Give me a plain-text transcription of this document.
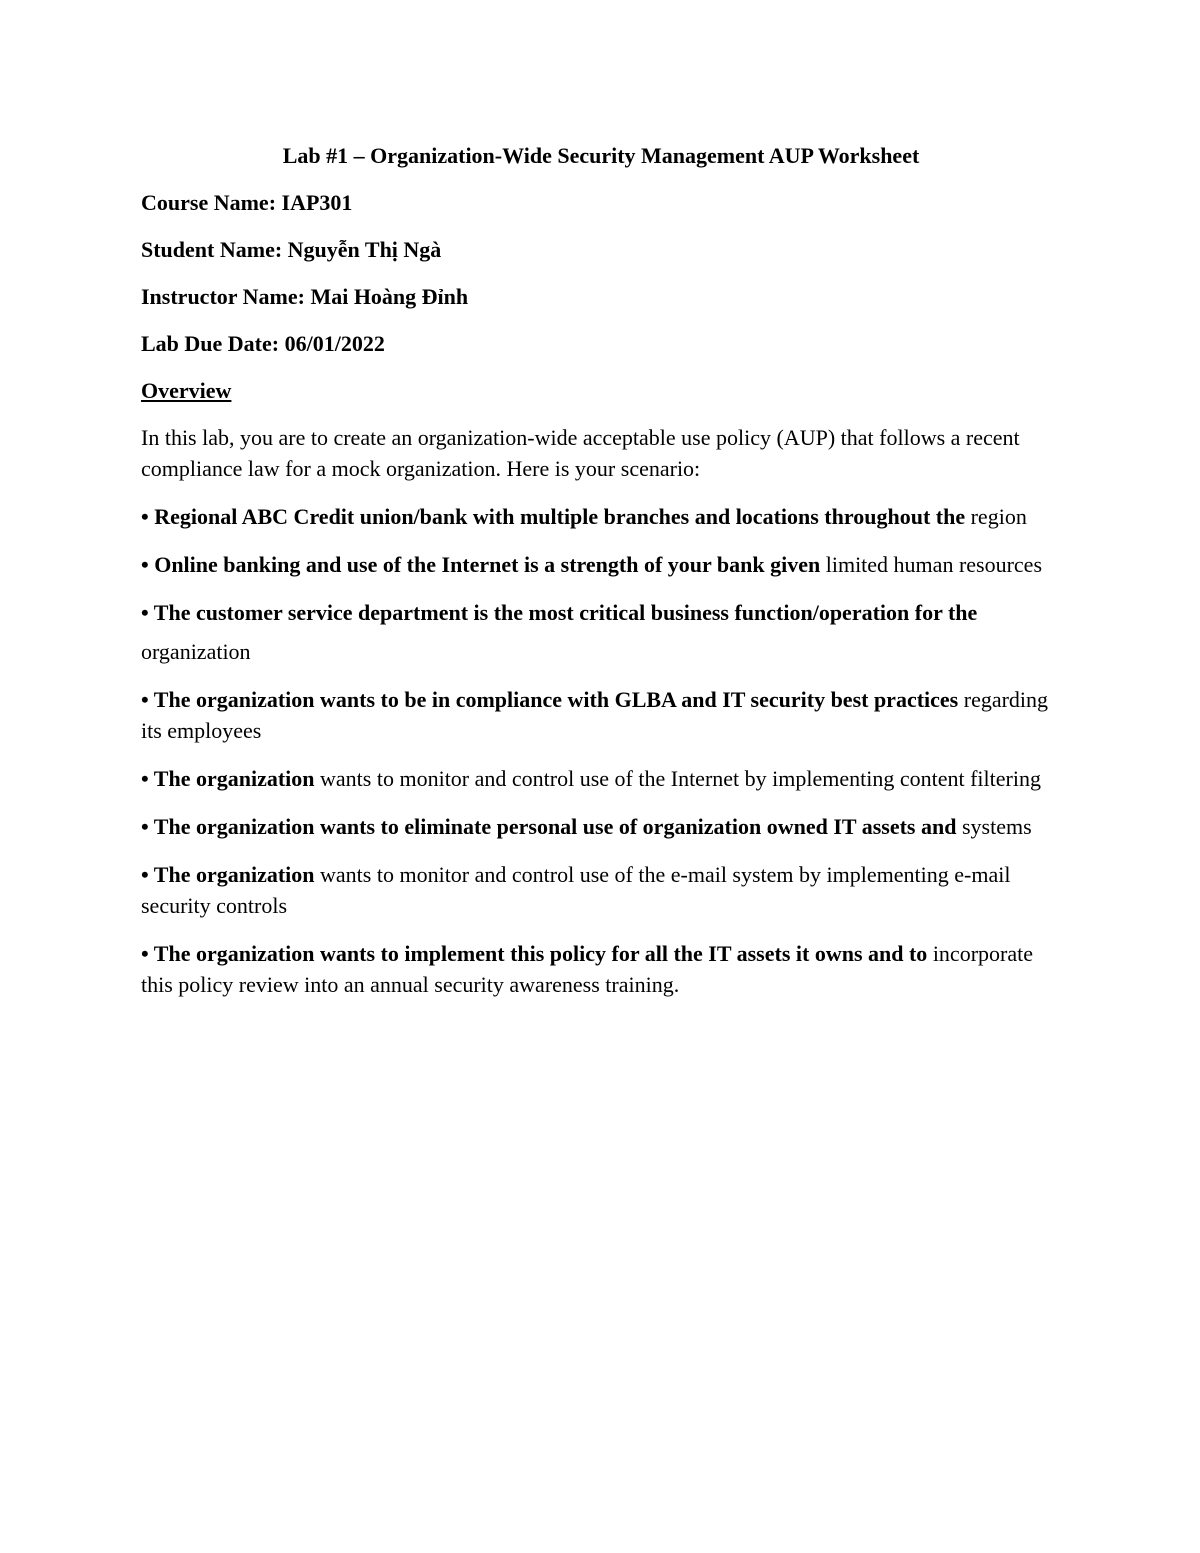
Lab #1 – Organization-Wide Security Management AUP Worksheet
Course Name: IAP301
Student Name: Nguyễn Thị Ngà
Instructor Name: Mai Hoàng Đỉnh
Lab Due Date: 06/01/2022
Overview
In this lab, you are to create an organization-wide acceptable use policy (AUP) that follows a recent compliance law for a mock organization. Here is your scenario:
• Regional ABC Credit union/bank with multiple branches and locations throughout the region
• Online banking and use of the Internet is a strength of your bank given limited human resources
• The customer service department is the most critical business function/operation for the
organization
• The organization wants to be in compliance with GLBA and IT security best practices regarding its employees
• The organization wants to monitor and control use of the Internet by implementing content filtering
• The organization wants to eliminate personal use of organization owned IT assets and systems
• The organization wants to monitor and control use of the e-mail system by implementing e-mail security controls
• The organization wants to implement this policy for all the IT assets it owns and to incorporate this policy review into an annual security awareness training.
